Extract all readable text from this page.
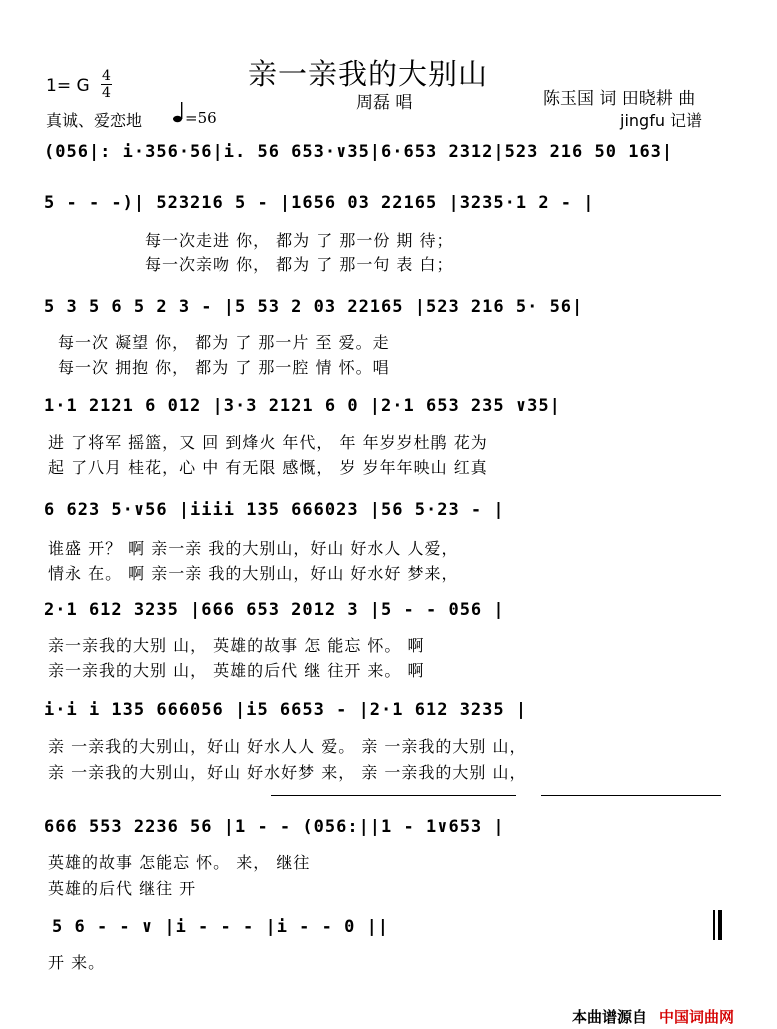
亲一亲我的大别山
周磊 唱	陈玉国 词 田晓耕 曲
jingfu 记谱
1= G 4
4
真诚、爱恋地	=56
(056|: i·356·56|i. 56 653·∨35|6·653 2312|523 216 50 163|
5 - - -)| 523216 5 - |1656 03 22165 |3235·1 2 - |
每一次走进 你， 都为 了 那一份 期 待；
每一次亲吻 你， 都为 了 那一句 表 白；
5 3 5 6 5 2 3 - |5 53 2 03 22165 |523 216 5· 56|
每一次 凝望 你， 都为 了 那一片 至 爱。走
每一次 拥抱 你， 都为 了 那一腔 情 怀。唱
1·1 2121 6 012 |3·3 2121 6 0 |2·1 653 235 ∨35|
进 了将军 摇篮，又 回 到烽火 年代， 年 年岁岁杜鹃 花为
起 了八月 桂花，心 中 有无限 感慨， 岁 岁年年映山 红真
6 623 5·∨56 |iiii 135 666023 |56 5·23 - |
谁盛 开？ 啊 亲一亲 我的大别山，好山 好水人 人爱，
情永 在。 啊 亲一亲 我的大别山，好山 好水好 梦来，
2·1 612 3235 |666 653 2012 3 |5 - - 056 |
亲一亲我的大别 山， 英雄的故事 怎 能忘 怀。 啊
亲一亲我的大别 山， 英雄的后代 继 往开 来。 啊
i·i i 135 666056 |i5 6653 - |2·1 612 3235 |
亲 一亲我的大别山，好山 好水人人 爱。 亲 一亲我的大别 山，
亲 一亲我的大别山，好山 好水好梦 来， 亲 一亲我的大别 山，
666 553 2236 56 |1 - - (056:||1 - 1∨653 |
英雄的故事 怎能忘 怀。 来， 继往
英雄的后代 继往 开
5 6 - - ∨ |i - - - |i - - 0 ||
开 来。
本曲谱源自 中国词曲网
